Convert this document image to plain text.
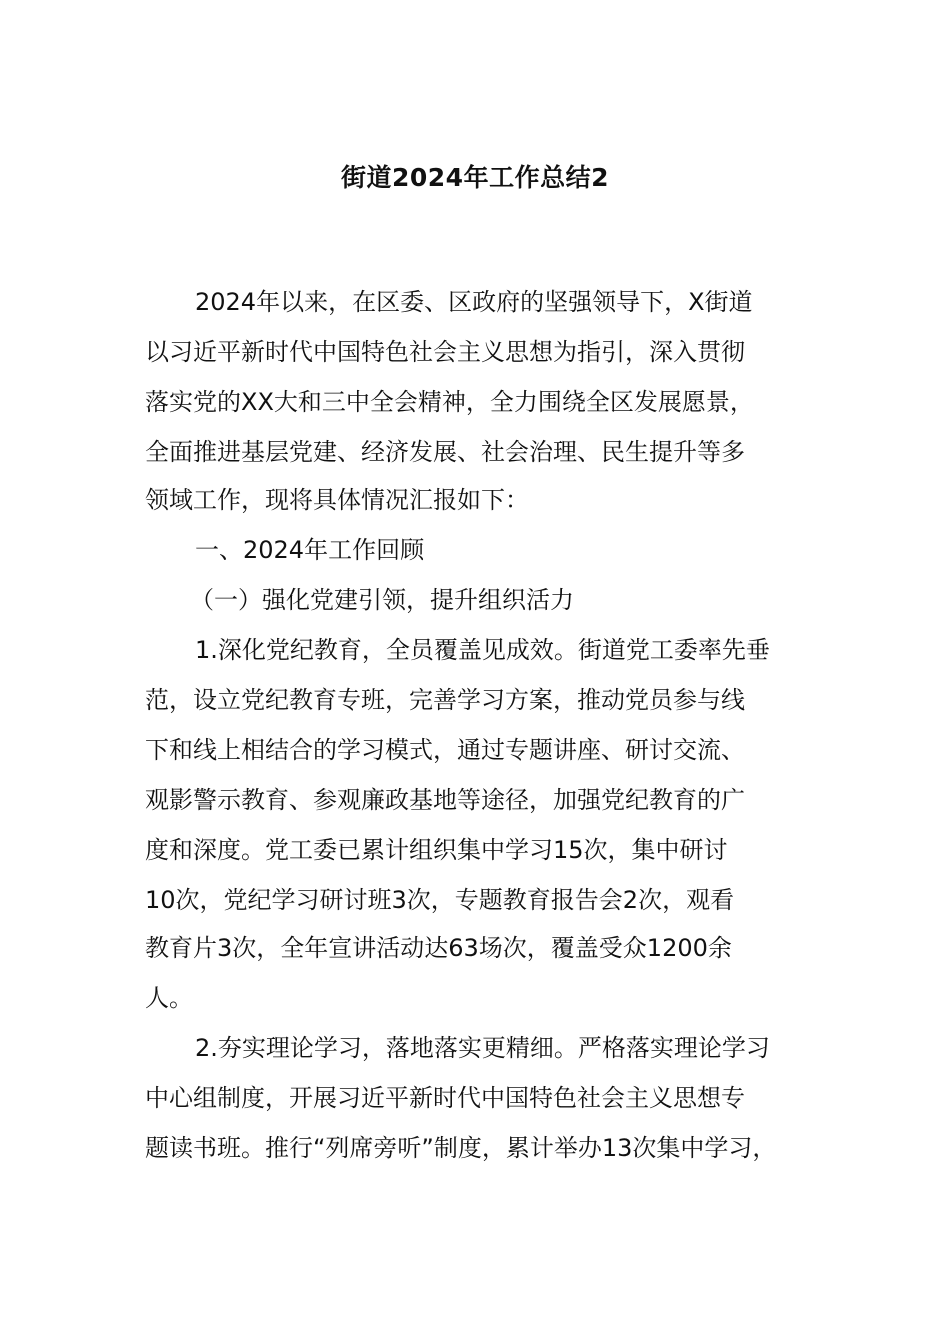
街道2024年工作总结2

2024年以来，在区委、区政府的坚强领导下，X街道

以习近平新时代中国特色社会主义思想为指引，深入贯彻

落实党的XX大和三中全会精神，全力围绕全区发展愿景，

全面推进基层党建、经济发展、社会治理、民生提升等多

领域工作，现将具体情况汇报如下：

一、2024年工作回顾

（一）强化党建引领，提升组织活力

1.深化党纪教育，全员覆盖见成效。街道党工委率先垂

范，设立党纪教育专班，完善学习方案，推动党员参与线

下和线上相结合的学习模式，通过专题讲座、研讨交流、

观影警示教育、参观廉政基地等途径，加强党纪教育的广

度和深度。党工委已累计组织集中学习15次，集中研讨

10次，党纪学习研讨班3次，专题教育报告会2次，观看

教育片3次，全年宣讲活动达63场次，覆盖受众1200余

人。

2.夯实理论学习，落地落实更精细。严格落实理论学习

中心组制度，开展习近平新时代中国特色社会主义思想专

题读书班。推行“列席旁听”制度，累计举办13次集中学习，
